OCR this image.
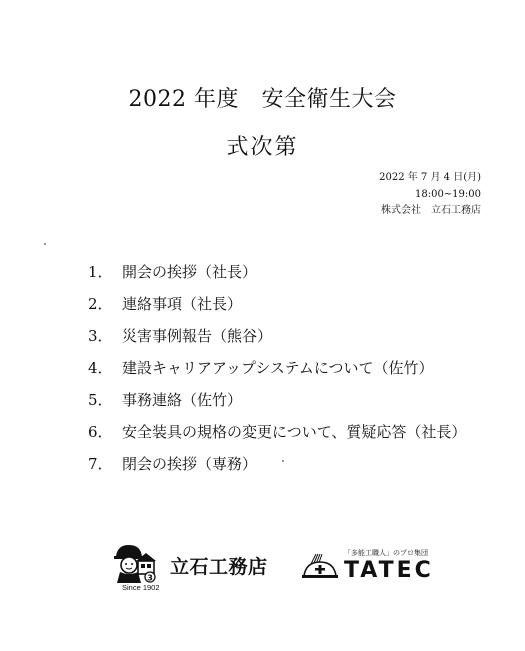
2022 年度　安全衛生大会
式次第
2022 年 7 月 4 日(月)
18:00~19:00
株式会社　立石工務店
1． 開会の挨拶（社長）
2． 連絡事項（社長）
3． 災害事例報告（熊谷）
4． 建設キャリアアップシステムについて（佐竹）
5． 事務連絡（佐竹）
6． 安全装具の規格の変更について、質疑応答（社長）
7． 閉会の挨拶（専務）
3 立石工務店
Since 1902
「多能工職人」のプロ集団
TATEC
